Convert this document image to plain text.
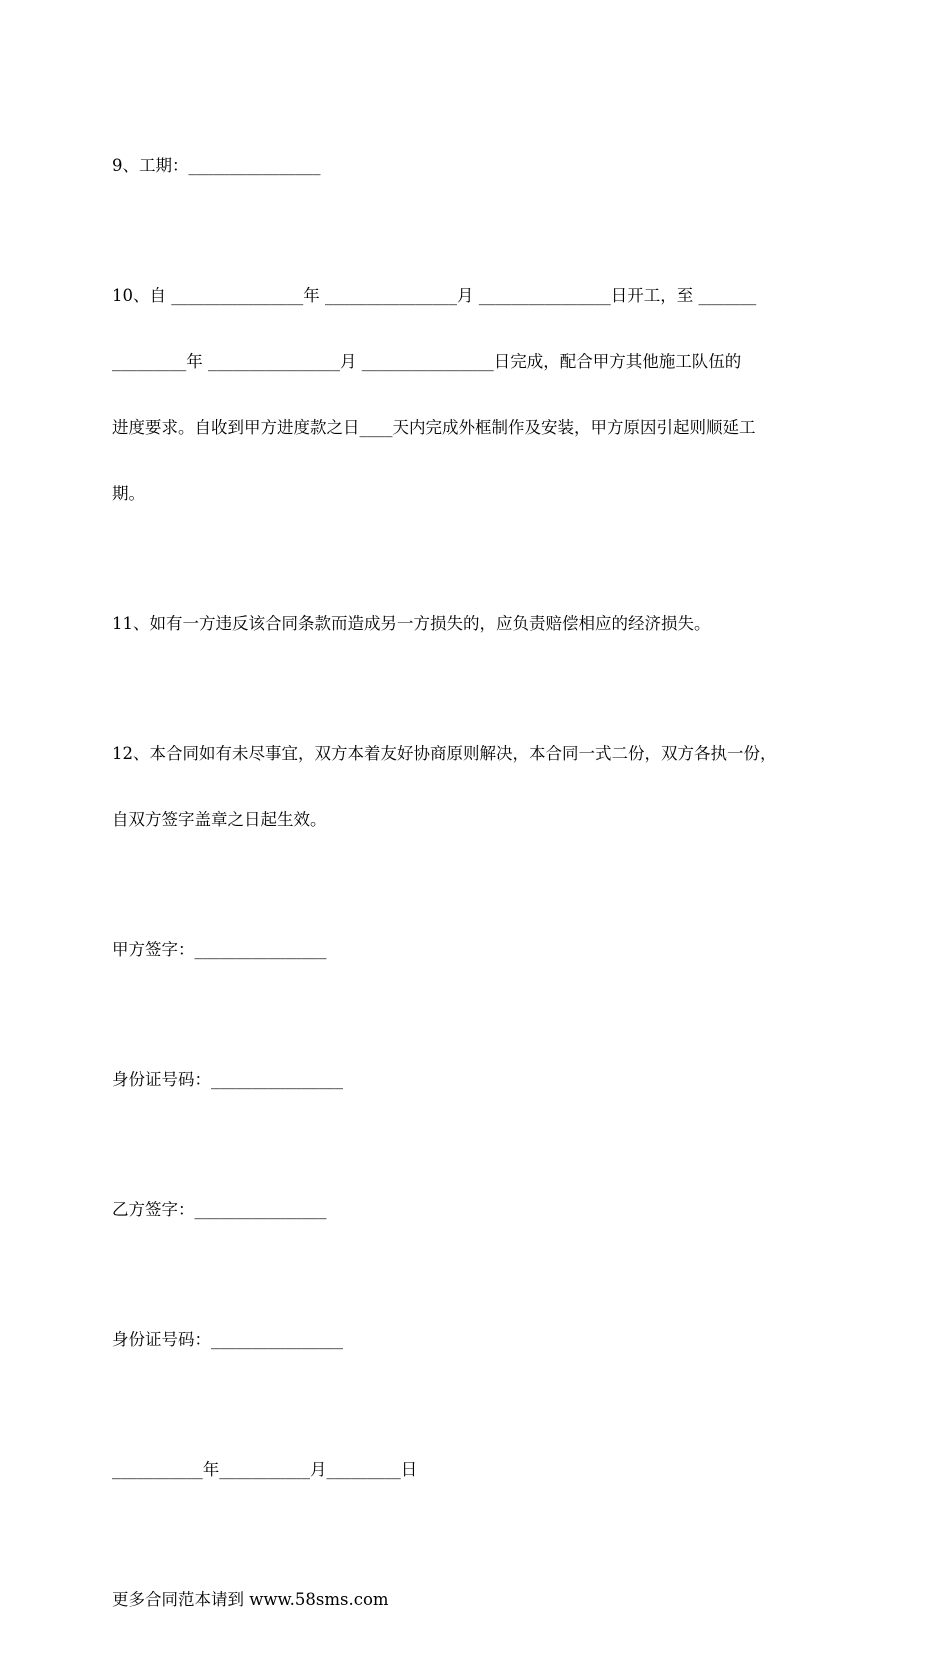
9、工期：________________

10、自 ________________年 ________________月 ________________日开工，至 _______

_________年 ________________月 ________________日完成，配合甲方其他施工队伍的

进度要求。自收到甲方进度款之日____天内完成外框制作及安装，甲方原因引起则顺延工

期。

11、如有一方违反该合同条款而造成另一方损失的，应负责赔偿相应的经济损失。

12、本合同如有未尽事宜，双方本着友好协商原则解决，本合同一式二份，双方各执一份，

自双方签字盖章之日起生效。

甲方签字：________________

身份证号码：________________

乙方签字：________________

身份证号码：________________

___________年___________月_________日

更多合同范本请到 www.58sms.com
